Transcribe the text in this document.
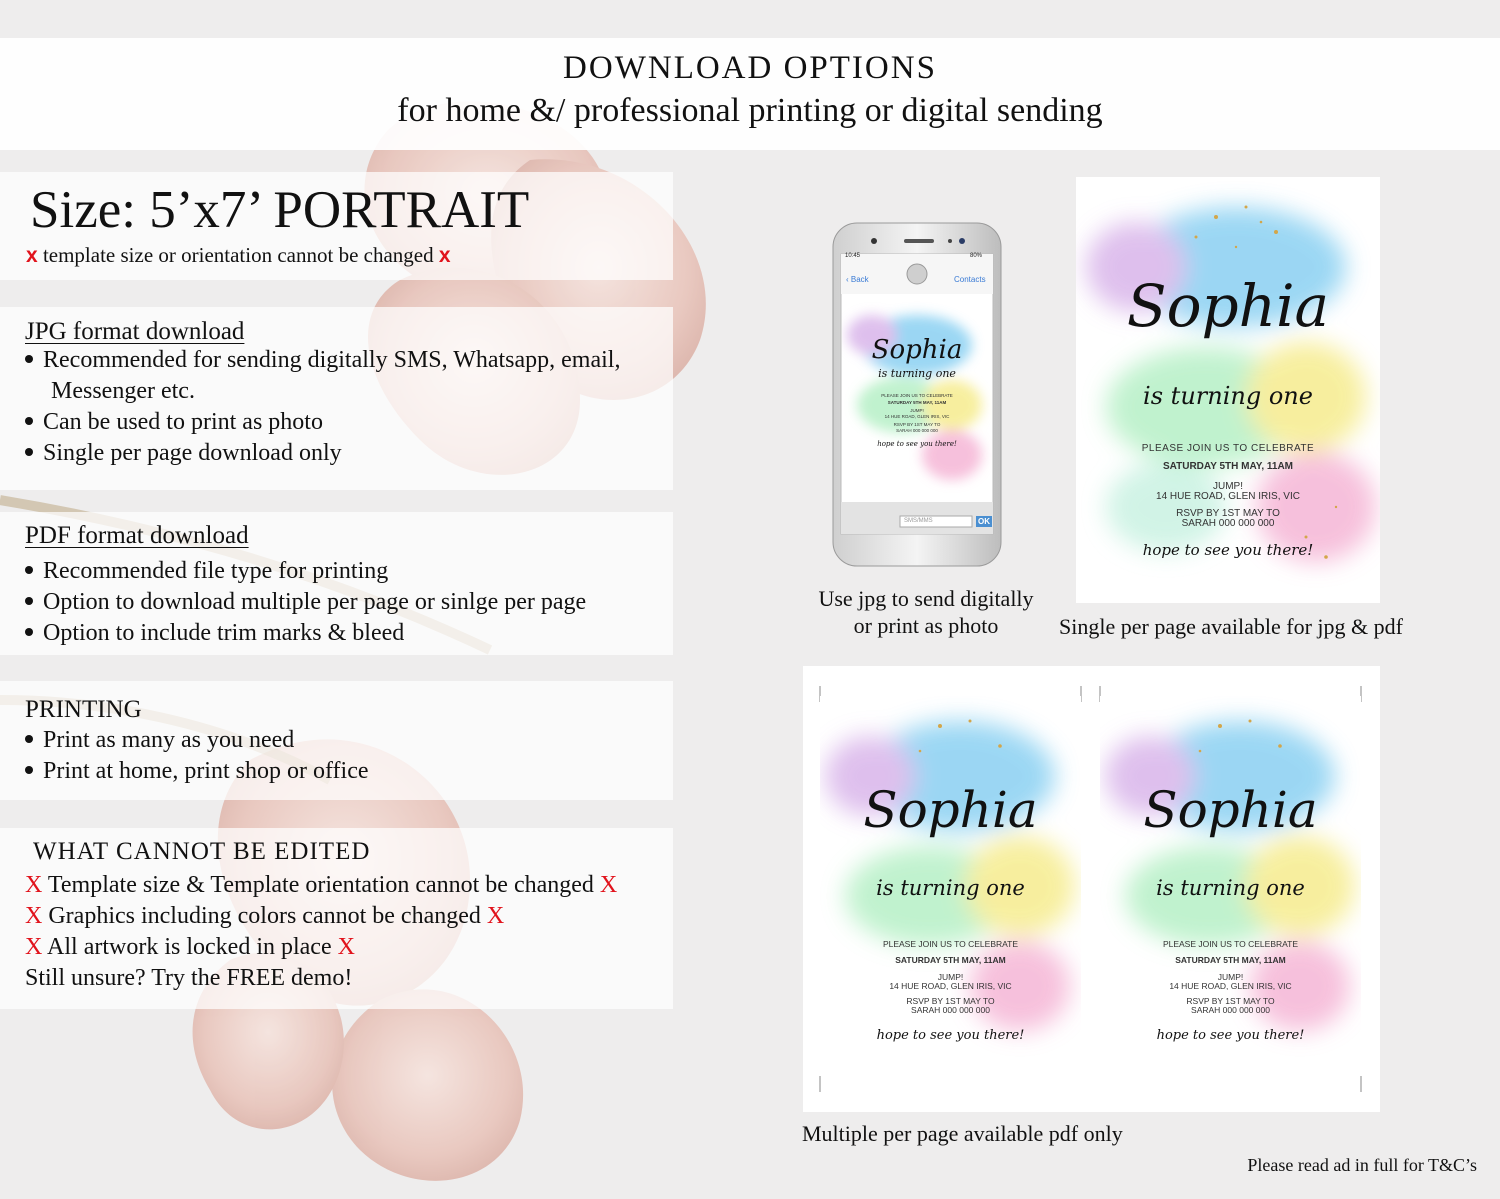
DOWNLOAD OPTIONS
for home &/ professional printing or digital sending
Size: 5’x7’ PORTRAIT
x template size or orientation cannot be changed x
JPG format download
Recommended for sending digitally SMS, Whatsapp, email,
Messenger etc.
Can be used to print as photo
Single per page download only
PDF format download
Recommended file type for printing
Option to download multiple per page or sinlge per page
Option to include trim marks & bleed
PRINTING
Print as many as you need
Print at home, print shop or office
WHAT CANNOT BE EDITED
X Template size & Template orientation cannot be changed X
X Graphics including colors cannot be changed X
X All artwork is locked in place X
Still unsure? Try the FREE demo!
10:45	80%
‹ Back	Contacts
SMS/MMS	OK
Sophia
is turning one
PLEASE JOIN US TO CELEBRATE
SATURDAY 5TH MAY, 11AM
JUMP!
14 HUE ROAD, GLEN IRIS, VIC
RSVP BY 1ST MAY TO
SARAH 000 000 000
hope to see you there!
Use jpg to send digitally
or print as photo
Sophia
is turning one
PLEASE JOIN US TO CELEBRATE
SATURDAY 5TH MAY, 11AM
JUMP!
14 HUE ROAD, GLEN IRIS, VIC
RSVP BY 1ST MAY TO
SARAH 000 000 000
hope to see you there!
Single per page available for jpg & pdf
Sophia
is turning one
PLEASE JOIN US TO CELEBRATE
SATURDAY 5TH MAY, 11AM
JUMP!
14 HUE ROAD, GLEN IRIS, VIC
RSVP BY 1ST MAY TO
SARAH 000 000 000
hope to see you there!
Sophia
is turning one
PLEASE JOIN US TO CELEBRATE
SATURDAY 5TH MAY, 11AM
JUMP!
14 HUE ROAD, GLEN IRIS, VIC
RSVP BY 1ST MAY TO
SARAH 000 000 000
hope to see you there!
Multiple per page available pdf only
Please read ad in full for T&C’s
